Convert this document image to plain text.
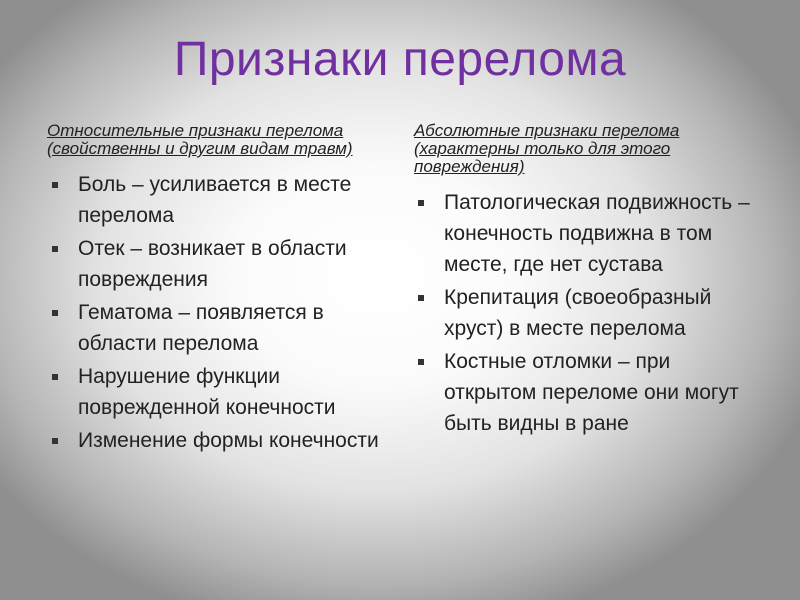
Признаки перелома
Относительные признаки перелома (свойственны и другим видам травм)
Боль – усиливается в месте перелома
Отек – возникает в области повреждения
Гематома – появляется в области перелома
Нарушение функции поврежденной конечности
Изменение формы конечности
Абсолютные признаки перелома (характерны только для этого повреждения)
Патологическая подвижность – конечность подвижна в том месте, где нет сустава
Крепитация (своеобразный хруст) в месте перелома
Костные отломки – при открытом переломе они могут быть видны в ране
